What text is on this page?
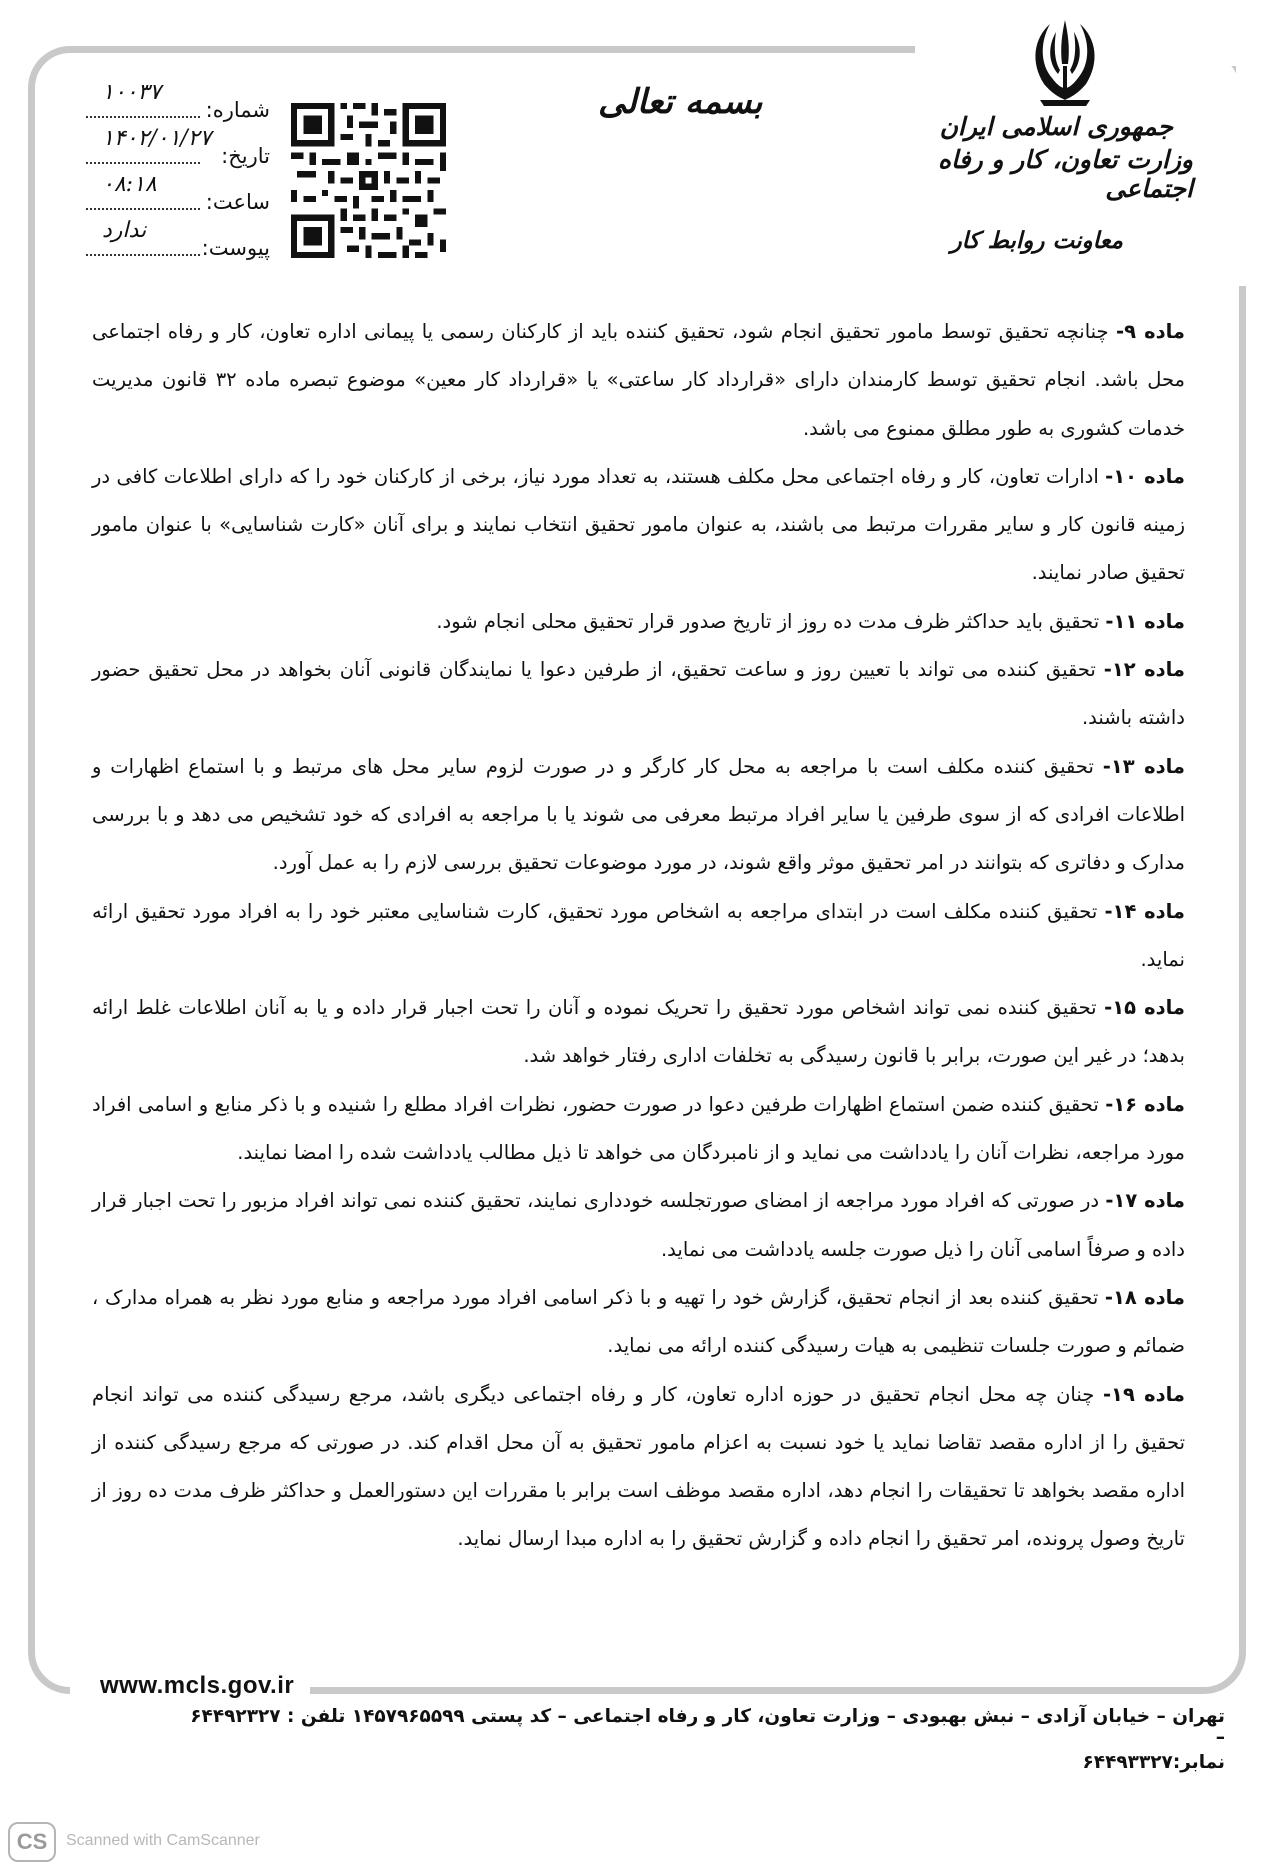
جمهوری اسلامی ایران
وزارت تعاون، کار و رفاه اجتماعی
معاونت روابط کار
بسمه تعالی
شماره:
۱۰۰۳۷
تاریخ:
۱۴۰۲/۰۱/۲۷
ساعت:
۰۸:۱۸
پیوست:
ندارد

ماده ۹- چنانچه تحقیق توسط مامور تحقیق انجام شود، تحقیق کننده باید از کارکنان رسمی یا پیمانی اداره تعاون، کار و رفاه اجتماعی محل باشد. انجام تحقیق توسط کارمندان دارای «قرارداد کار ساعتی» یا «قرارداد کار معین» موضوع تبصره ماده ۳۲ قانون مدیریت خدمات کشوری به طور مطلق ممنوع می باشد.

ماده ۱۰- ادارات تعاون، کار و رفاه اجتماعی محل مکلف هستند، به تعداد مورد نیاز، برخی از کارکنان خود را که دارای اطلاعات کافی در زمینه قانون کار و سایر مقررات مرتبط می باشند، به عنوان مامور تحقیق انتخاب نمایند و برای آنان «کارت شناسایی» با عنوان مامور تحقیق صادر نمایند.

ماده ۱۱- تحقیق باید حداکثر ظرف مدت ده روز از تاریخ صدور قرار تحقیق محلی انجام شود.

ماده ۱۲- تحقیق کننده می تواند با تعیین روز و ساعت تحقیق، از طرفین دعوا یا نمایندگان قانونی آنان بخواهد در محل تحقیق حضور داشته باشند.

ماده ۱۳- تحقیق کننده مکلف است با مراجعه به محل کار کارگر و در صورت لزوم سایر محل های مرتبط و با استماع اظهارات و اطلاعات افرادی که از سوی طرفین یا سایر افراد مرتبط معرفی می شوند یا با مراجعه به افرادی که خود تشخیص می دهد و با بررسی مدارک و دفاتری که بتوانند در امر تحقیق موثر واقع شوند، در مورد موضوعات تحقیق بررسی لازم را به عمل آورد.

ماده ۱۴- تحقیق کننده مکلف است در ابتدای مراجعه به اشخاص مورد تحقیق، کارت شناسایی معتبر خود را به افراد مورد تحقیق ارائه نماید.

ماده ۱۵- تحقیق کننده نمی تواند اشخاص مورد تحقیق را تحریک نموده و آنان را تحت اجبار قرار داده و یا به آنان اطلاعات غلط ارائه بدهد؛ در غیر این صورت، برابر با قانون رسیدگی به تخلفات اداری رفتار خواهد شد.

ماده ۱۶- تحقیق کننده ضمن استماع اظهارات طرفین دعوا در صورت حضور، نظرات افراد مطلع را شنیده و با ذکر منابع و اسامی افراد مورد مراجعه، نظرات آنان را یادداشت می نماید و از نامبردگان می خواهد تا ذیل مطالب یادداشت شده را امضا نمایند.

ماده ۱۷- در صورتی که افراد مورد مراجعه از امضای صورتجلسه خودداری نمایند، تحقیق کننده نمی تواند افراد مزبور را تحت اجبار قرار داده و صرفاً اسامی آنان را ذیل صورت جلسه یادداشت می نماید.

ماده ۱۸- تحقیق کننده بعد از انجام تحقیق، گزارش خود را تهیه و با ذکر اسامی افراد مورد مراجعه و منابع مورد نظر به همراه مدارک ، ضمائم و صورت جلسات تنظیمی به هیات رسیدگی کننده ارائه می نماید.

ماده ۱۹- چنان چه محل انجام تحقیق در حوزه اداره تعاون، کار و رفاه اجتماعی دیگری باشد، مرجع رسیدگی کننده می تواند انجام تحقیق را از اداره مقصد تقاضا نماید یا خود نسبت به اعزام مامور تحقیق به آن محل اقدام کند. در صورتی که مرجع رسیدگی کننده از اداره مقصد بخواهد تا تحقیقات را انجام دهد، اداره مقصد موظف است برابر با مقررات این دستورالعمل و حداکثر ظرف مدت ده روز از تاریخ وصول پرونده، امر تحقیق را انجام داده و گزارش تحقیق را به اداره مبدا ارسال نماید.

www.mcls.gov.ir
تهران – خیابان آزادی – نبش بهبودی – وزارت تعاون، کار و رفاه اجتماعی – کد پستی ۱۴۵۷۹۶۵۵۹۹ تلفن : ۶۴۴۹۲۳۲۷ –
نمابر:۶۴۴۹۳۳۲۷
CS	Scanned with CamScanner
